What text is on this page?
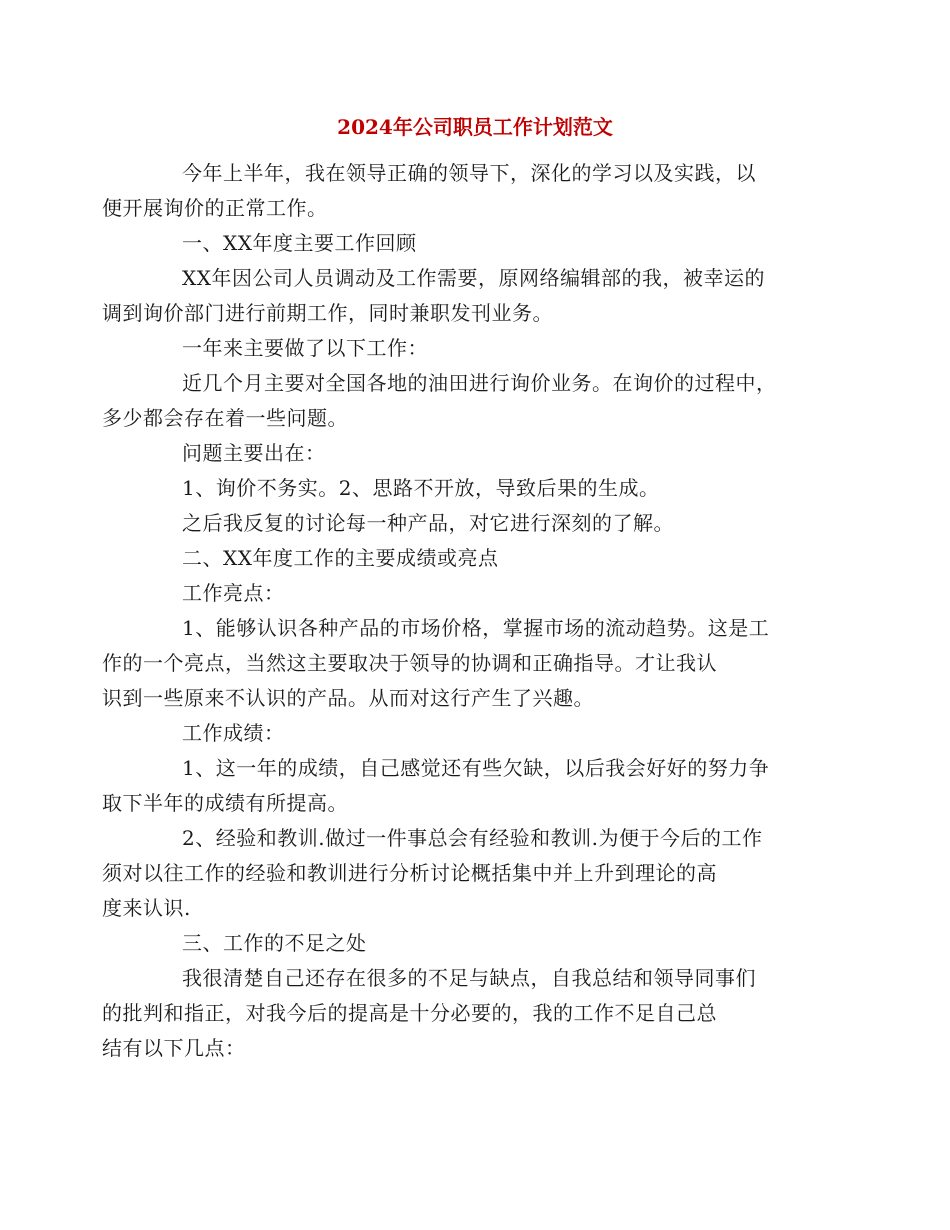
2024年公司职员工作计划范文

今年上半年，我在领导正确的领导下，深化的学习以及实践，以
便开展询价的正常工作。

一、XX年度主要工作回顾

XX年因公司人员调动及工作需要，原网络编辑部的我，被幸运的
调到询价部门进行前期工作，同时兼职发刊业务。

一年来主要做了以下工作：

近几个月主要对全国各地的油田进行询价业务。在询价的过程中，
多少都会存在着一些问题。

问题主要出在：

1、询价不务实。2、思路不开放，导致后果的生成。

之后我反复的讨论每一种产品，对它进行深刻的了解。

二、XX年度工作的主要成绩或亮点

工作亮点：

1、能够认识各种产品的市场价格，掌握市场的流动趋势。这是工
作的一个亮点，当然这主要取决于领导的协调和正确指导。才让我认
识到一些原来不认识的产品。从而对这行产生了兴趣。

工作成绩：

1、这一年的成绩，自己感觉还有些欠缺，以后我会好好的努力争
取下半年的成绩有所提高。

2、经验和教训.做过一件事总会有经验和教训.为便于今后的工作
须对以往工作的经验和教训进行分析讨论概括集中并上升到理论的高
度来认识.

三、工作的不足之处

我很清楚自己还存在很多的不足与缺点，自我总结和领导同事们
的批判和指正，对我今后的提高是十分必要的，我的工作不足自己总
结有以下几点：
